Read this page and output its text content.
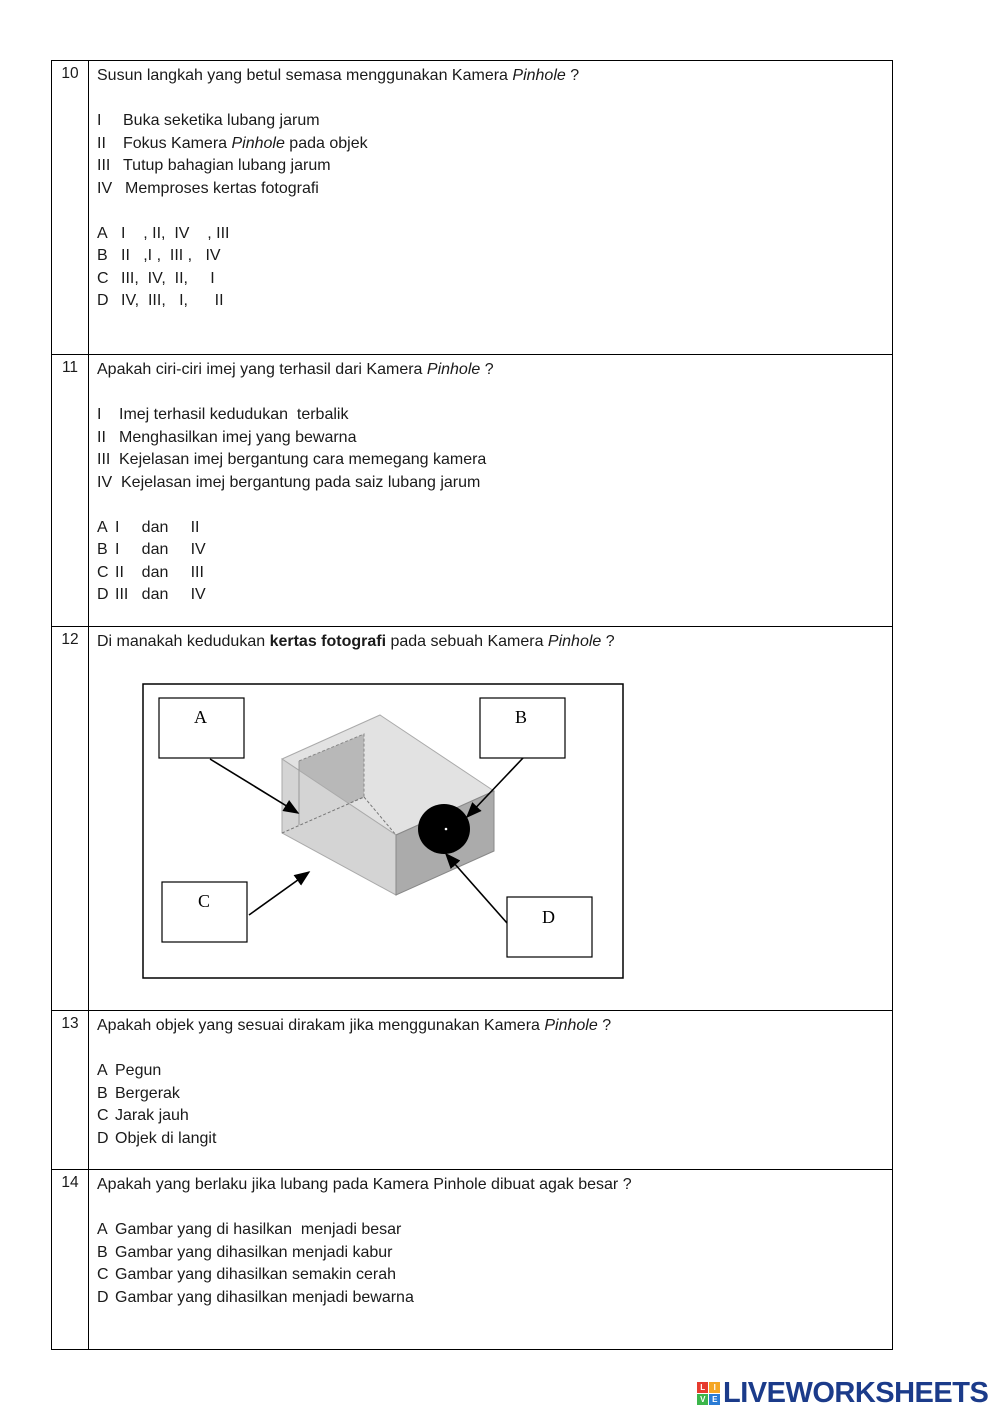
10	Susun langkah yang betul semasa menggunakan Kamera Pinhole ?
I Buka seketika lubang jarum
II Fokus Kamera Pinhole pada objek
III Tutup bahagian lubang jarum
IV Memproses kertas fotografi
A I    , II,  IV    , III
B II   ,I ,  III ,   IV
C III,  IV,  II,     I
D IV,  III,   I,      II
11	Apakah ciri-ciri imej yang terhasil dari Kamera Pinhole ?
I Imej terhasil kedudukan  terbalik
II Menghasilkan imej yang bewarna
III Kejelasan imej bergantung cara memegang kamera
IV Kejelasan imej bergantung pada saiz lubang jarum
A I     dan     II
B I     dan     IV
C II    dan     III
D III   dan     IV
12	Di manakah kedudukan kertas fotografi pada sebuah Kamera Pinhole ?
A	B
C
D
13	Apakah objek yang sesuai dirakam jika menggunakan Kamera Pinhole ?
A Pegun
B Bergerak
C Jarak jauh
D Objek di langit
14	Apakah yang berlaku jika lubang pada Kamera Pinhole dibuat agak besar ?
A Gambar yang di hasilkan  menjadi besar
B Gambar yang dihasilkan menjadi kabur
C Gambar yang dihasilkan semakin cerah
D Gambar yang dihasilkan menjadi bewarna
L	I
V E LIVEWORKSHEETS
